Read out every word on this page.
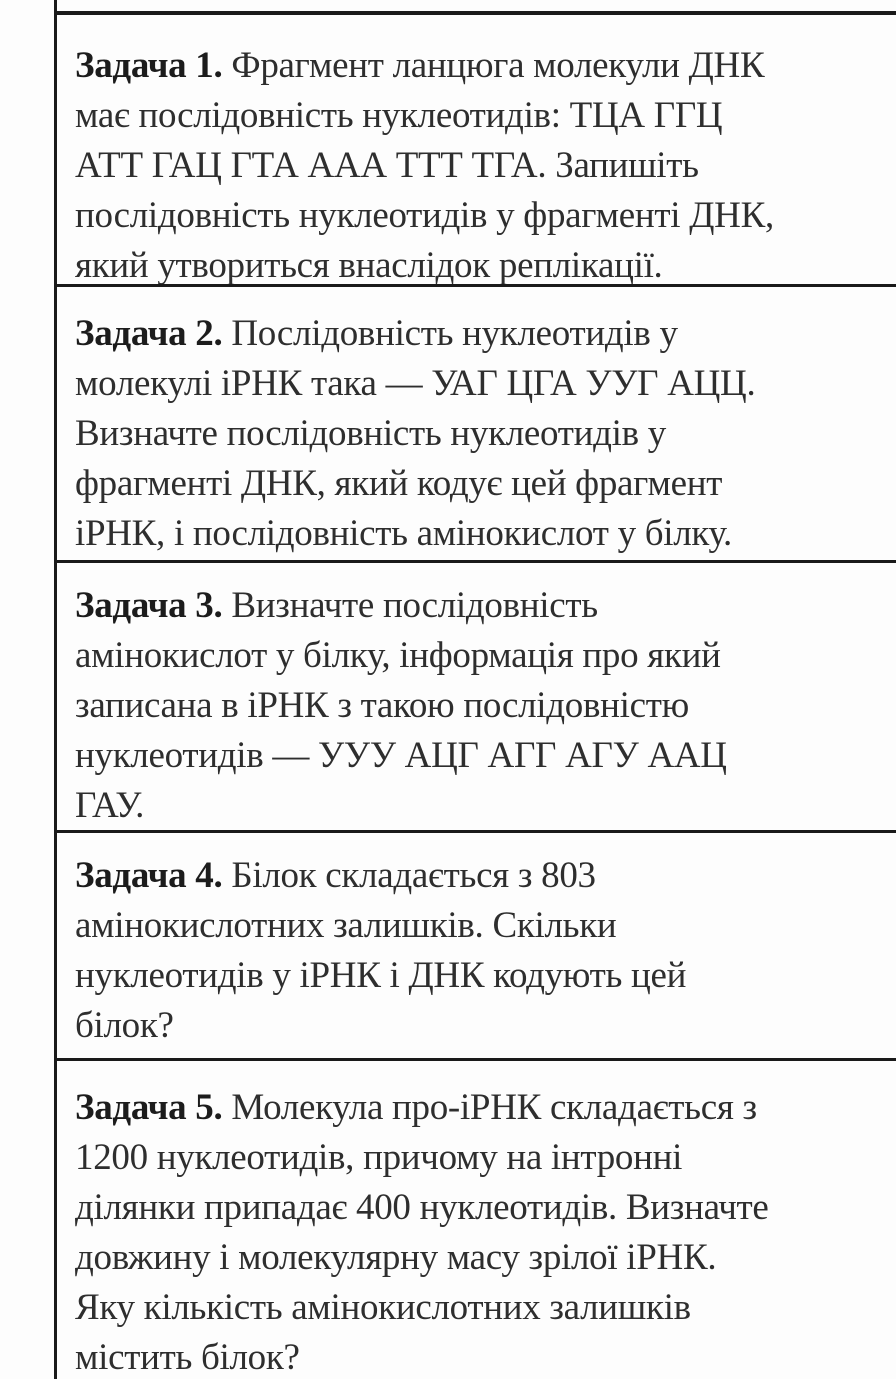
Задача 1. Фрагмент ланцюга молекули ДНК
має послідовність нуклеотидів: ТЦА ГГЦ
АТТ ГАЦ ГТА ААА ТТТ ТГА. Запишіть
послідовність нуклеотидів у фрагменті ДНК,
який утвориться внаслідок реплікації.
Задача 2. Послідовність нуклеотидів у
молекулі іРНК така — УАГ ЦГА УУГ АЦЦ.
Визначте послідовність нуклеотидів у
фрагменті ДНК, який кодує цей фрагмент
іРНК, і послідовність амінокислот у білку.
Задача 3. Визначте послідовність
амінокислот у білку, інформація про який
записана в іРНК з такою послідовністю
нуклеотидів — УУУ АЦГ АГГ АГУ ААЦ
ГАУ.
Задача 4. Білок складається з 803
амінокислотних залишків. Скільки
нуклеотидів у іРНК і ДНК кодують цей
білок?
Задача 5. Молекула про-іРНК складається з
1200 нуклеотидів, причому на інтронні
ділянки припадає 400 нуклеотидів. Визначте
довжину і молекулярну масу зрілої іРНК.
Яку кількість амінокислотних залишків
містить білок?
